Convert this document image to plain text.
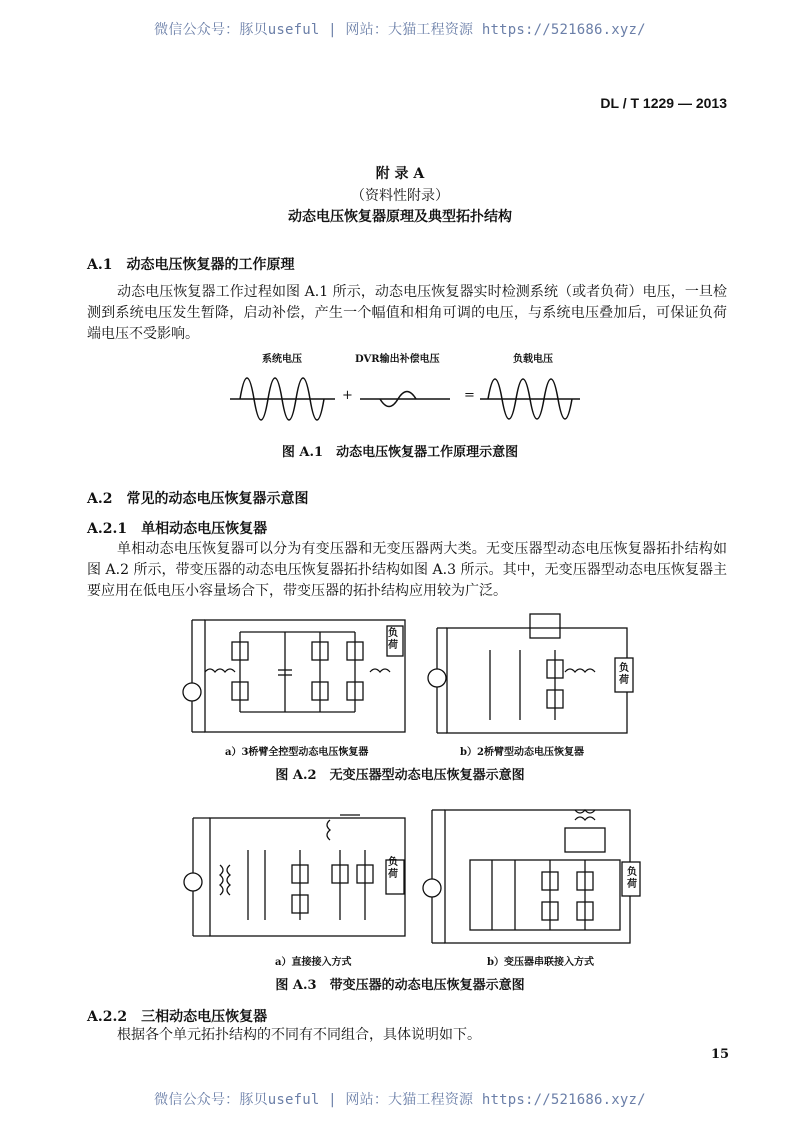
微信公众号：豚贝useful | 网站：大猫工程资源 https://521686.xyz/
DL / T 1229 — 2013
附 录 A
（资料性附录）
动态电压恢复器原理及典型拓扑结构
A.1　动态电压恢复器的工作原理
动态电压恢复器工作过程如图 A.1 所示，动态电压恢复器实时检测系统（或者负荷）电压，一旦检测到系统电压发生暂降，启动补偿，产生一个幅值和相角可调的电压，与系统电压叠加后，可保证负荷端电压不受影响。
系统电压	DVR输出补偿电压	负载电压
+	=
图 A.1　动态电压恢复器工作原理示意图
A.2　常见的动态电压恢复器示意图
A.2.1　单相动态电压恢复器
单相动态电压恢复器可以分为有变压器和无变压器两大类。无变压器型动态电压恢复器拓扑结构如图 A.2 所示，带变压器的动态电压恢复器拓扑结构如图 A.3 所示。其中，无变压器型动态电压恢复器主要应用在低电压小容量场合下，带变压器的拓扑结构应用较为广泛。
负荷
负荷
a）3桥臂全控型动态电压恢复器	b）2桥臂型动态电压恢复器
图 A.2　无变压器型动态电压恢复器示意图
负荷	负荷
a）直接接入方式	b）变压器串联接入方式
图 A.3　带变压器的动态电压恢复器示意图
A.2.2　三相动态电压恢复器
根据各个单元拓扑结构的不同有不同组合，具体说明如下。
15
微信公众号：豚贝useful | 网站：大猫工程资源 https://521686.xyz/
